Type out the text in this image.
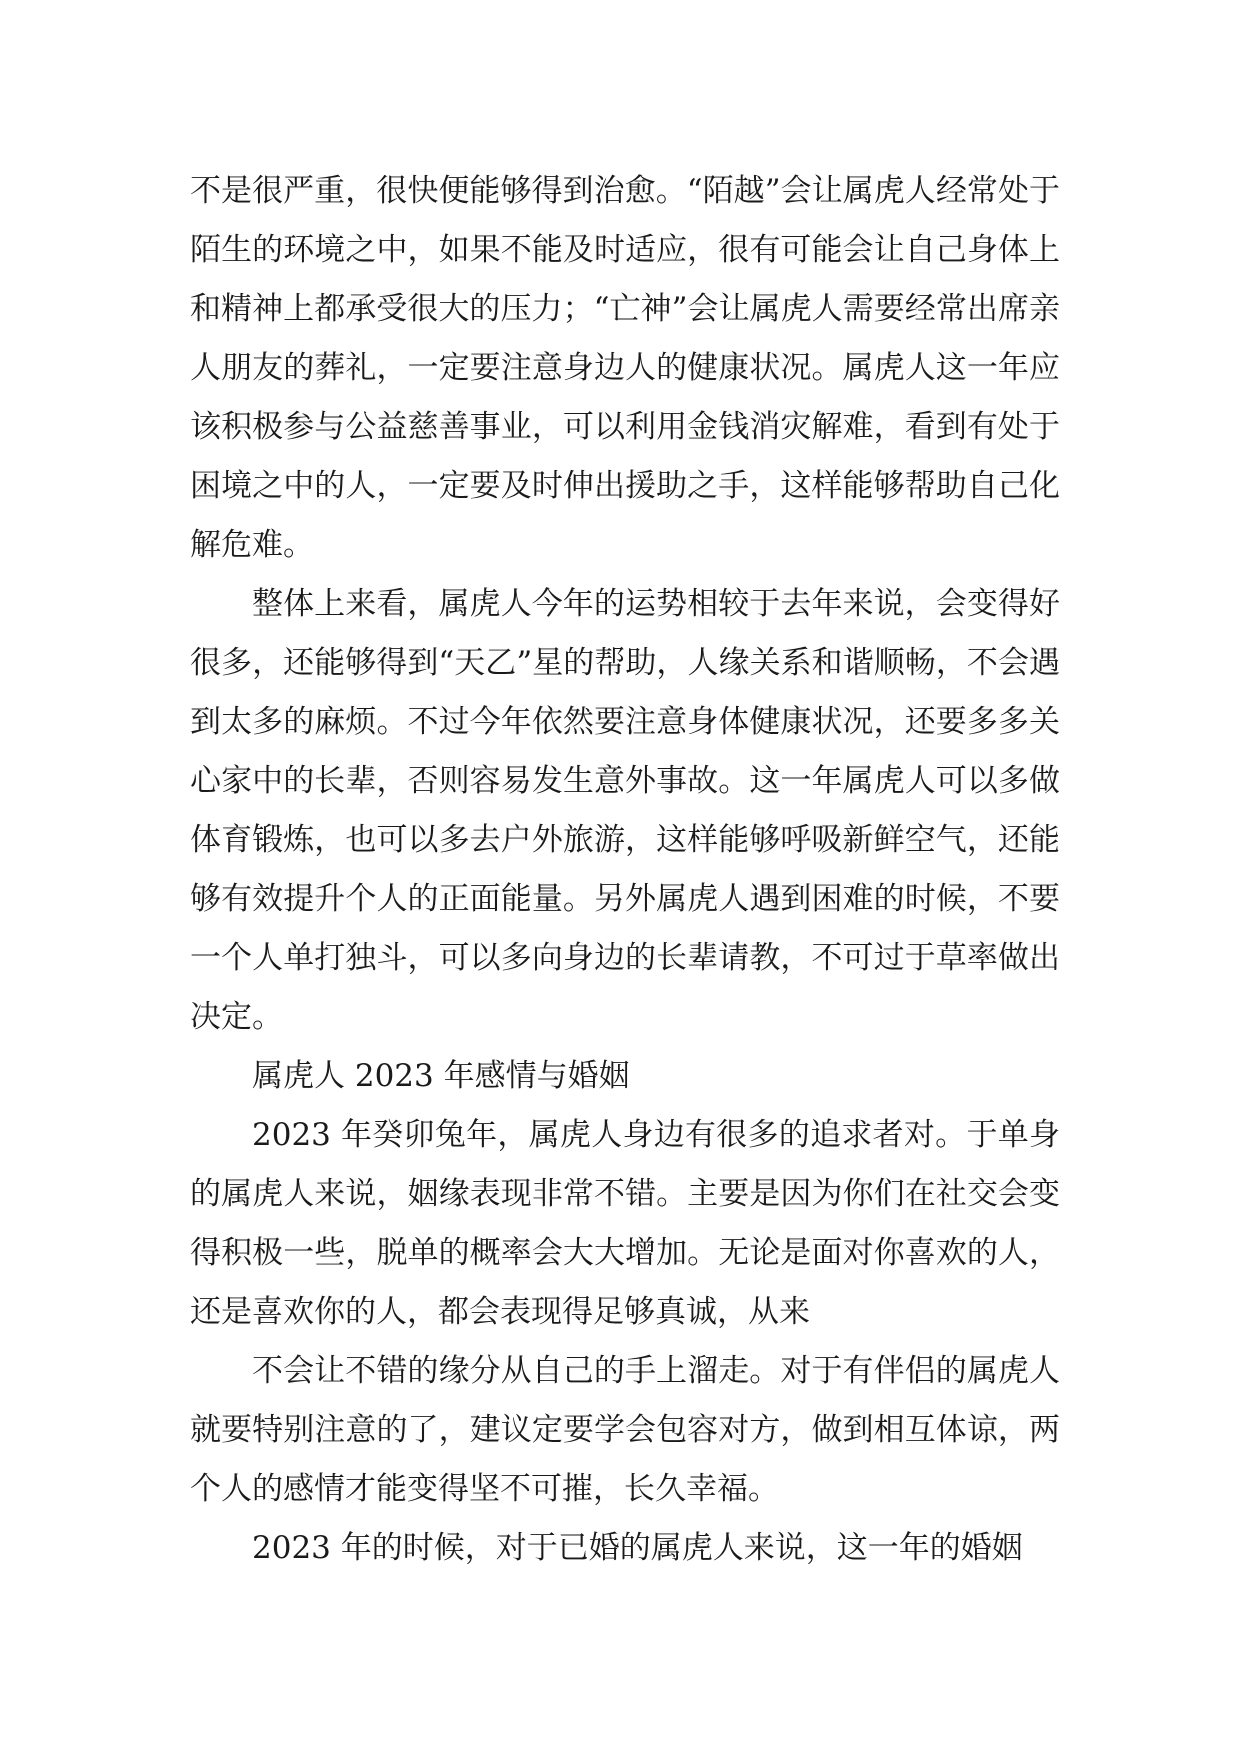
不是很严重，很快便能够得到治愈。“陌越”会让属虎人经常处于陌生的环境之中，如果不能及时适应，很有可能会让自己身体上和精神上都承受很大的压力；“亡神”会让属虎人需要经常出席亲人朋友的葬礼，一定要注意身边人的健康状况。属虎人这一年应该积极参与公益慈善事业，可以利用金钱消灾解难，看到有处于困境之中的人，一定要及时伸出援助之手，这样能够帮助自己化解危难。

整体上来看，属虎人今年的运势相较于去年来说，会变得好很多，还能够得到“天乙”星的帮助，人缘关系和谐顺畅，不会遇到太多的麻烦。不过今年依然要注意身体健康状况，还要多多关心家中的长辈，否则容易发生意外事故。这一年属虎人可以多做体育锻炼，也可以多去户外旅游，这样能够呼吸新鲜空气，还能够有效提升个人的正面能量。另外属虎人遇到困难的时候，不要一个人单打独斗，可以多向身边的长辈请教，不可过于草率做出决定。

属虎人 2023 年感情与婚姻

2023 年癸卯兔年，属虎人身边有很多的追求者对。于单身的属虎人来说，姻缘表现非常不错。主要是因为你们在社交会变得积极一些，脱单的概率会大大增加。无论是面对你喜欢的人，还是喜欢你的人，都会表现得足够真诚，从来

不会让不错的缘分从自己的手上溜走。对于有伴侣的属虎人就要特别注意的了，建议定要学会包容对方，做到相互体谅，两个人的感情才能变得坚不可摧，长久幸福。

2023 年的时候，对于已婚的属虎人来说，这一年的婚姻
